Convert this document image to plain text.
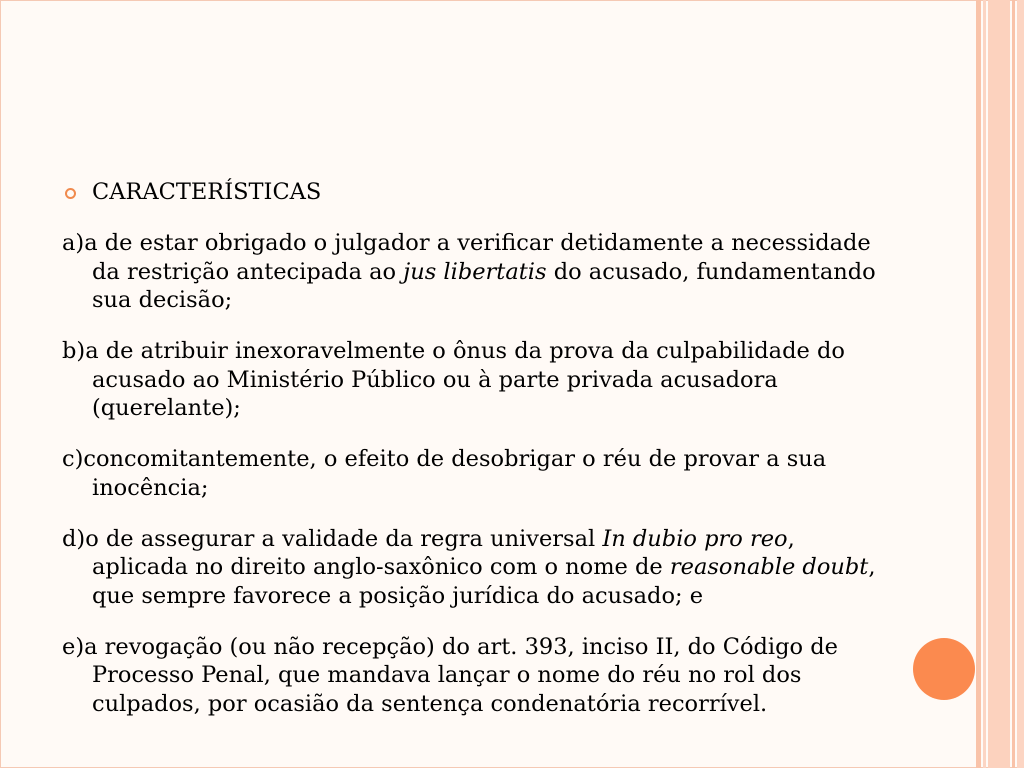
CARACTERÍSTICAS

a)a de estar obrigado o julgador a verificar detidamente a necessidade da restrição antecipada ao jus libertatis do acusado, fundamentando sua decisão;

b)a de atribuir inexoravelmente o ônus da prova da culpabilidade do acusado ao Ministério Público ou à parte privada acusadora (querelante);

c)concomitantemente, o efeito de desobrigar o réu de provar a sua inocência;

d)o de assegurar a validade da regra universal In dubio pro reo, aplicada no direito anglo-saxônico com o nome de reasonable doubt, que sempre favorece a posição jurídica do acusado; e

e)a revogação (ou não recepção) do art. 393, inciso II, do Código de Processo Penal, que mandava lançar o nome do réu no rol dos culpados, por ocasião da sentença condenatória recorrível.
